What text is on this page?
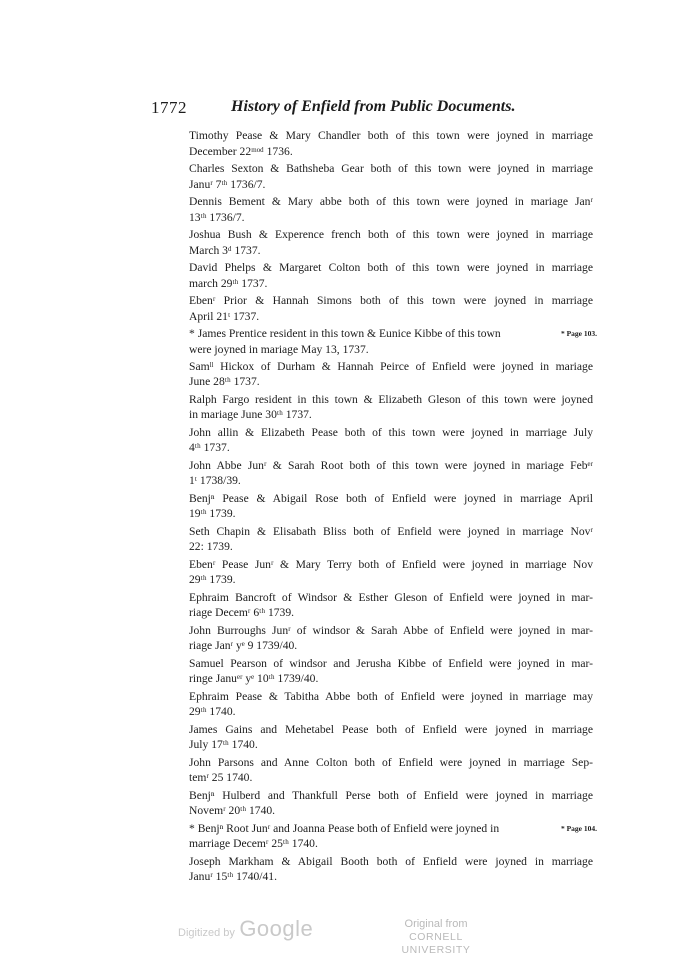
1772	History of Enfield from Public Documents.
Timothy Pease & Mary Chandler both of this town were joyned in marriage
December 22ᵐᵒᵈ 1736.
Charles Sexton & Bathsheba Gear both of this town were joyned in marriage
Januʳ 7ᵗʰ 1736/7.
Dennis Bement & Mary abbe both of this town were joyned in mariage Janʳ
13ᵗʰ 1736/7.
Joshua Bush & Experence french both of this town were joyned in marriage
March 3ᵈ 1737.
David Phelps & Margaret Colton both of this town were joyned in marriage
march 29ᵗʰ 1737.
Ebenʳ Prior & Hannah Simons both of this town were joyned in marriage
April 21ᵗ 1737.
* James Prentice resident in this town & Eunice Kibbe of this town
were joyned in mariage May 13, 1737.
* Page 103.
Samˡˡ Hickox of Durham & Hannah Peirce of Enfield were joyned in mariage
June 28ᵗʰ 1737.
Ralph Fargo resident in this town & Elizabeth Gleson of this town were joyned
in mariage June 30ᵗʰ 1737.
John allin & Elizabeth Pease both of this town were joyned in marriage July
4ᵗʰ 1737.
John Abbe Junʳ & Sarah Root both of this town were joyned in mariage Febᵉʳ
1ᵗ 1738/39.
Benjⁿ Pease & Abigail Rose both of Enfield were joyned in marriage April
19ᵗʰ 1739.
Seth Chapin & Elisabath Bliss both of Enfield were joyned in marriage Novʳ
22: 1739.
Ebenʳ Pease Junʳ & Mary Terry both of Enfield were joyned in marriage Nov
29ᵗʰ 1739.
Ephraim Bancroft of Windsor & Esther Gleson of Enfield were joyned in mar-
riage Decemʳ 6ᵗʰ 1739.
John Burroughs Junʳ of windsor & Sarah Abbe of Enfield were joyned in mar-
riage Janʳ yᵉ 9 1739/40.
Samuel Pearson of windsor and Jerusha Kibbe of Enfield were joyned in mar-
ringe Januᵉʳ yᵉ 10ᵗʰ 1739/40.
Ephraim Pease & Tabitha Abbe both of Enfield were joyned in marriage may
29ᵗʰ 1740.
James Gains and Mehetabel Pease both of Enfield were joyned in marriage
July 17ᵗʰ 1740.
John Parsons and Anne Colton both of Enfield were joyned in marriage Sep-
temʳ 25 1740.
Benjⁿ Hulberd and Thankfull Perse both of Enfield were joyned in marriage
Novemʳ 20ᵗʰ 1740.
* Benjⁿ Root Junʳ and Joanna Pease both of Enfield were joyned in
marriage Decemʳ 25ᵗʰ 1740.
* Page 104.
Joseph Markham & Abigail Booth both of Enfield were joyned in marriage
Januʳ 15ᵗʰ 1740/41.
Digitized by Google	Original from
CORNELL UNIVERSITY
